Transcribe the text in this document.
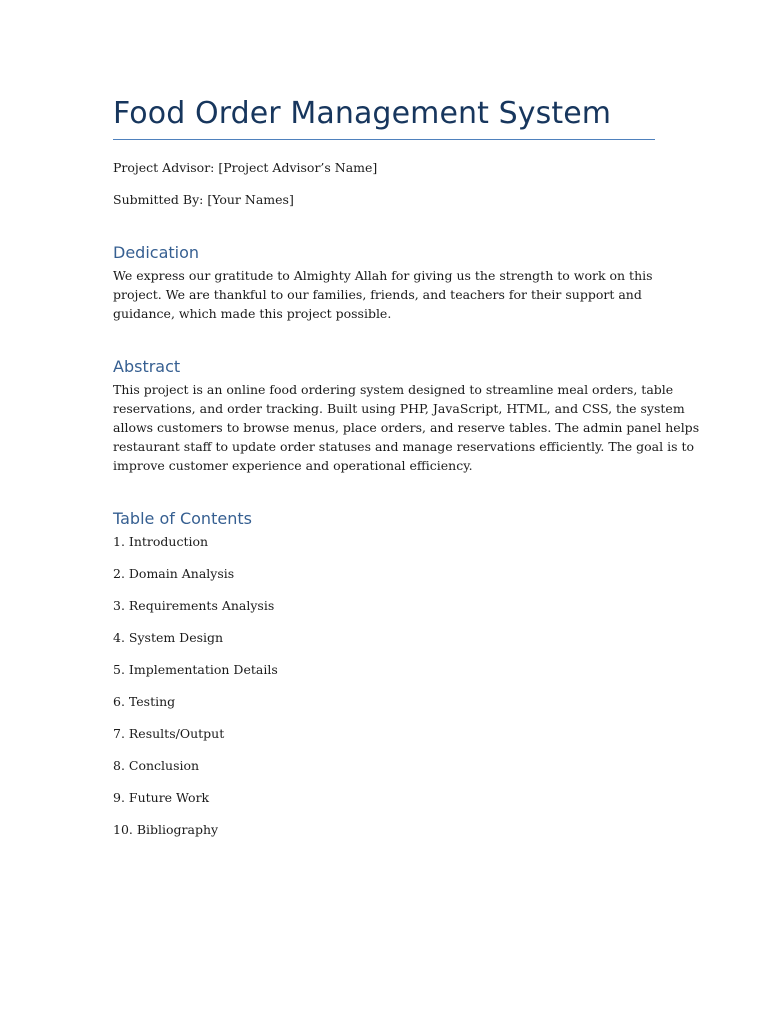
Food Order Management System
Project Advisor: [Project Advisor’s Name]
Submitted By: [Your Names]
Dedication
We express our gratitude to Almighty Allah for giving us the strength to work on this
project. We are thankful to our families, friends, and teachers for their support and
guidance, which made this project possible.
Abstract
This project is an online food ordering system designed to streamline meal orders, table
reservations, and order tracking. Built using PHP, JavaScript, HTML, and CSS, the system
allows customers to browse menus, place orders, and reserve tables. The admin panel helps
restaurant staff to update order statuses and manage reservations efficiently. The goal is to
improve customer experience and operational efficiency.
Table of Contents
1. Introduction
2. Domain Analysis
3. Requirements Analysis
4. System Design
5. Implementation Details
6. Testing
7. Results/Output
8. Conclusion
9. Future Work
10. Bibliography
